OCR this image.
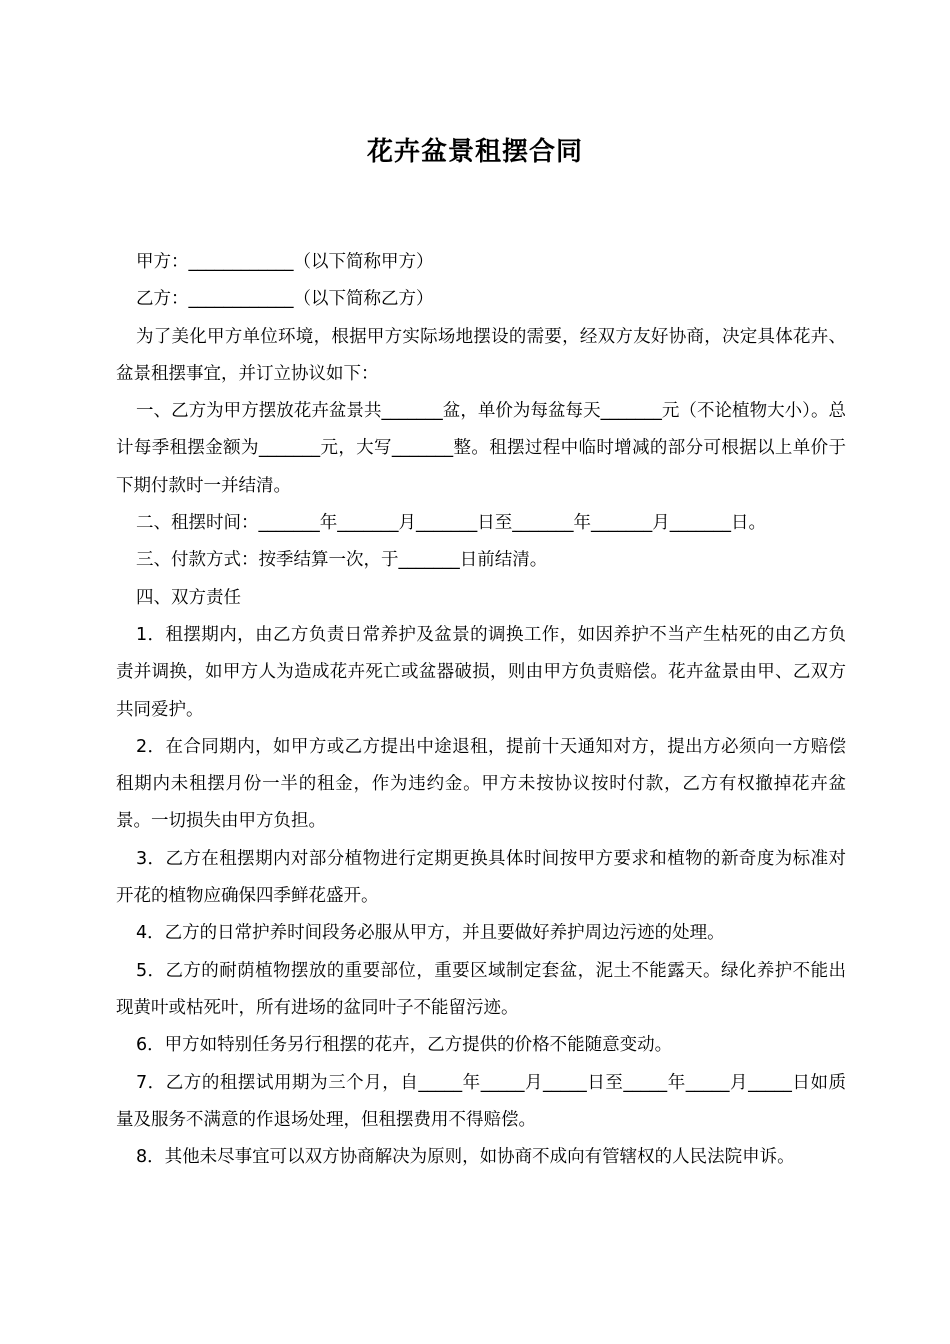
花卉盆景租摆合同

甲方：____________（以下简称甲方）

乙方：____________（以下简称乙方）

为了美化甲方单位环境，根据甲方实际场地摆设的需要，经双方友好协商，决定具体花卉、盆景租摆事宜，并订立协议如下：

一、乙方为甲方摆放花卉盆景共_______盆，单价为每盆每天_______元（不论植物大小）。总计每季租摆金额为_______元，大写_______整。租摆过程中临时增减的部分可根据以上单价于下期付款时一并结清。

二、租摆时间：_______年_______月_______日至_______年_______月_______日。

三、付款方式：按季结算一次，于_______日前结清。

四、双方责任

1．租摆期内，由乙方负责日常养护及盆景的调换工作，如因养护不当产生枯死的由乙方负责并调换，如甲方人为造成花卉死亡或盆器破损，则由甲方负责赔偿。花卉盆景由甲、乙双方共同爱护。

2．在合同期内，如甲方或乙方提出中途退租，提前十天通知对方，提出方必须向一方赔偿租期内未租摆月份一半的租金，作为违约金。甲方未按协议按时付款，乙方有权撤掉花卉盆景。一切损失由甲方负担。

3．乙方在租摆期内对部分植物进行定期更换具体时间按甲方要求和植物的新奇度为标准对开花的植物应确保四季鲜花盛开。

4．乙方的日常护养时间段务必服从甲方，并且要做好养护周边污迹的处理。

5．乙方的耐荫植物摆放的重要部位，重要区域制定套盆，泥土不能露天。绿化养护不能出现黄叶或枯死叶，所有进场的盆同叶子不能留污迹。

6．甲方如特别任务另行租摆的花卉，乙方提供的价格不能随意变动。

7．乙方的租摆试用期为三个月，自_____年_____月_____日至_____年_____月_____日如质量及服务不满意的作退场处理，但租摆费用不得赔偿。

8．其他未尽事宜可以双方协商解决为原则，如协商不成向有管辖权的人民法院申诉。
